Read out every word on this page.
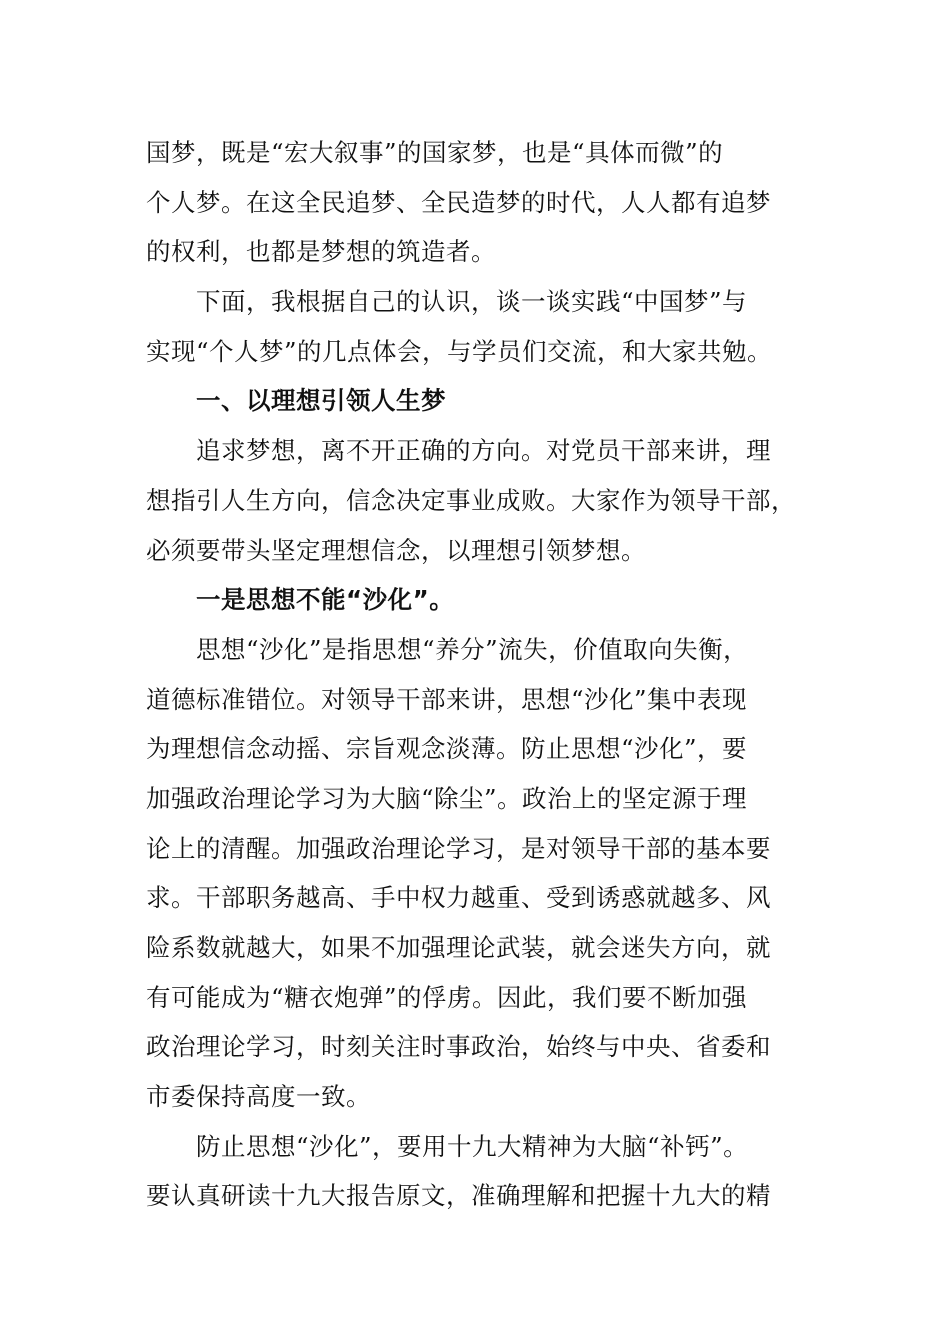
国梦，既是“宏大叙事”的国家梦，也是“具体而微”的
个人梦。在这全民追梦、全民造梦的时代，人人都有追梦
的权利，也都是梦想的筑造者。
下面，我根据自己的认识，谈一谈实践“中国梦”与
实现“个人梦”的几点体会，与学员们交流，和大家共勉。
一、以理想引领人生梦
追求梦想，离不开正确的方向。对党员干部来讲，理
想指引人生方向，信念决定事业成败。大家作为领导干部，
必须要带头坚定理想信念，以理想引领梦想。
一是思想不能“沙化”。
思想“沙化”是指思想“养分”流失，价值取向失衡，
道德标准错位。对领导干部来讲，思想“沙化”集中表现
为理想信念动摇、宗旨观念淡薄。防止思想“沙化”，要
加强政治理论学习为大脑“除尘”。政治上的坚定源于理
论上的清醒。加强政治理论学习，是对领导干部的基本要
求。干部职务越高、手中权力越重、受到诱惑就越多、风
险系数就越大，如果不加强理论武装，就会迷失方向，就
有可能成为“糖衣炮弹”的俘虏。因此，我们要不断加强
政治理论学习，时刻关注时事政治，始终与中央、省委和
市委保持高度一致。
防止思想“沙化”，要用十九大精神为大脑“补钙”。
要认真研读十九大报告原文，准确理解和把握十九大的精
